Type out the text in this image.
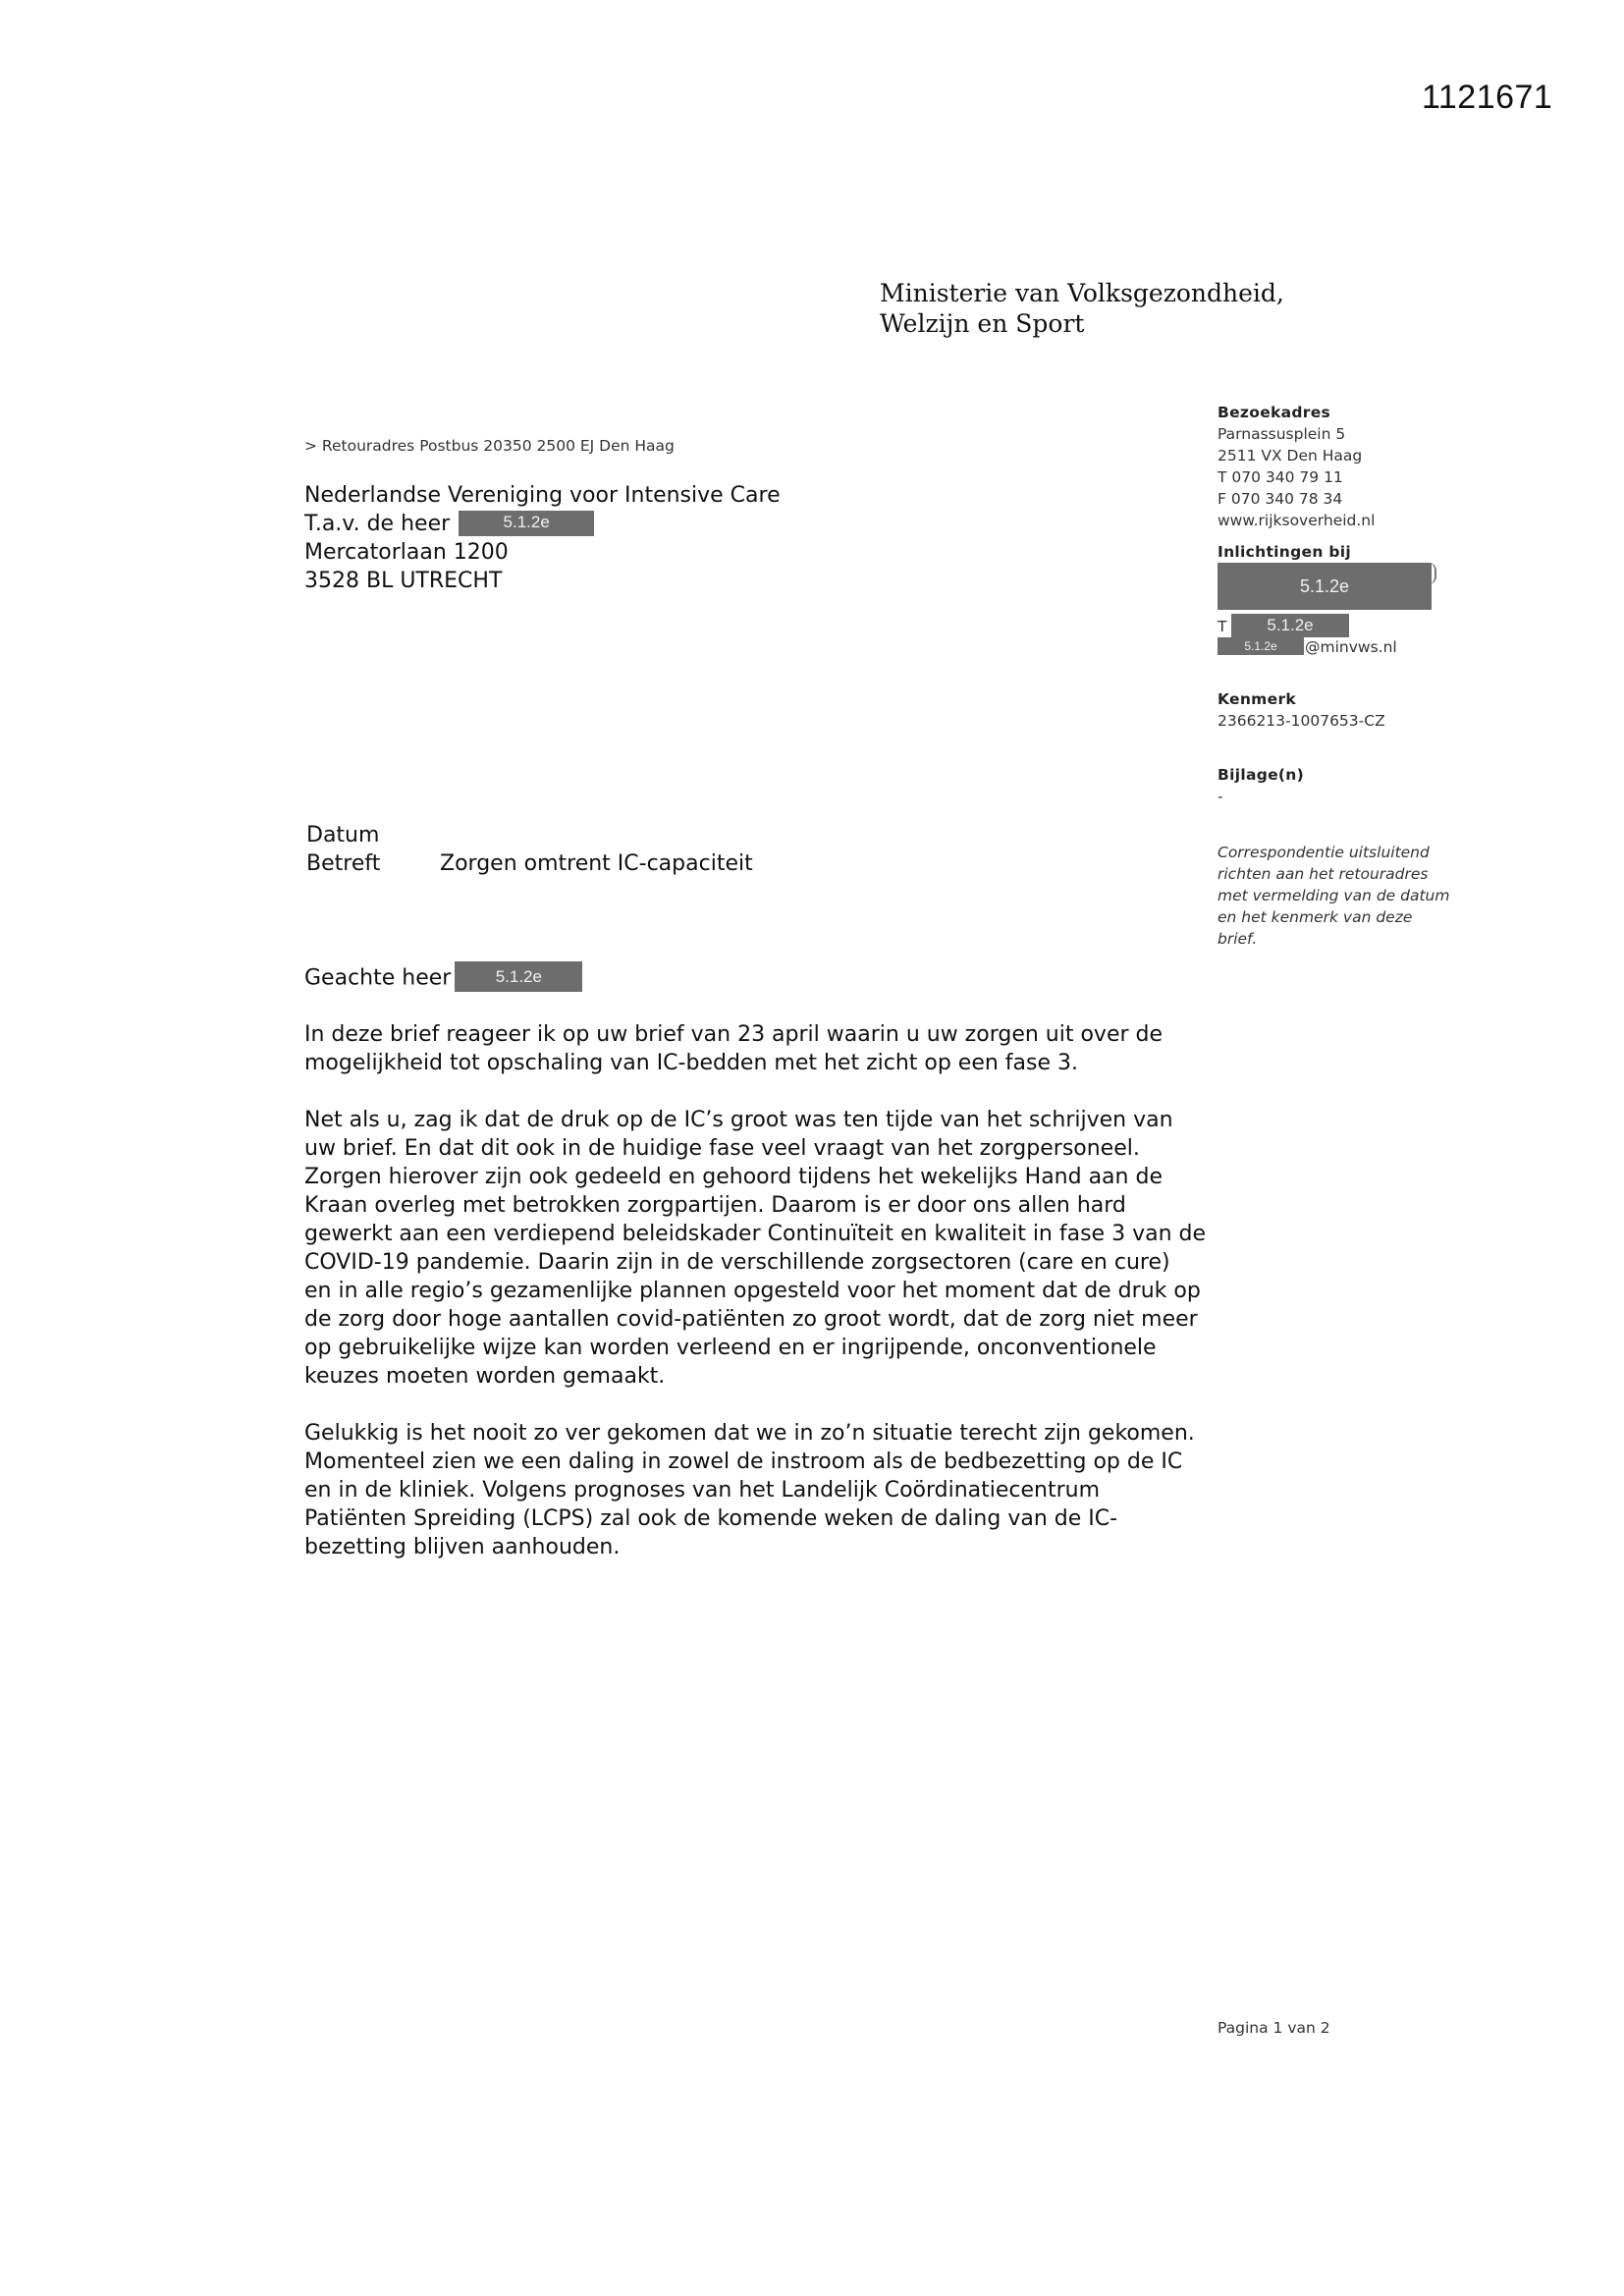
1121671
Ministerie van Volksgezondheid,
Welzijn en Sport
> Retouradres Postbus 20350 2500 EJ Den Haag
Nederlandse Vereniging voor Intensive Care
T.a.v. de heer	5.1.2e
Mercatorlaan 1200
3528 BL UTRECHT
Bezoekadres
Parnassusplein 5
2511 VX Den Haag
T 070 340 79 11
F 070 340 78 34
www.rijksoverheid.nl
Inlichtingen bij
5.1.2e
T	5.1.2e
5.1.2e	@minvws.nl
Kenmerk
2366213-1007653-CZ
Bijlage(n)
-
Correspondentie uitsluitend
richten aan het retouradres
met vermelding van de datum
en het kenmerk van deze
brief.
Datum
Betreft	Zorgen omtrent IC-capaciteit
Geachte heer	5.1.2e
In deze brief reageer ik op uw brief van 23 april waarin u uw zorgen uit over de
mogelijkheid tot opschaling van IC-bedden met het zicht op een fase 3.
Net als u, zag ik dat de druk op de IC’s groot was ten tijde van het schrijven van
uw brief. En dat dit ook in de huidige fase veel vraagt van het zorgpersoneel.
Zorgen hierover zijn ook gedeeld en gehoord tijdens het wekelijks Hand aan de
Kraan overleg met betrokken zorgpartijen. Daarom is er door ons allen hard
gewerkt aan een verdiepend beleidskader Continuïteit en kwaliteit in fase 3 van de
COVID-19 pandemie. Daarin zijn in de verschillende zorgsectoren (care en cure)
en in alle regio’s gezamenlijke plannen opgesteld voor het moment dat de druk op
de zorg door hoge aantallen covid-patiënten zo groot wordt, dat de zorg niet meer
op gebruikelijke wijze kan worden verleend en er ingrijpende, onconventionele
keuzes moeten worden gemaakt.
Gelukkig is het nooit zo ver gekomen dat we in zo’n situatie terecht zijn gekomen.
Momenteel zien we een daling in zowel de instroom als de bedbezetting op de IC
en in de kliniek. Volgens prognoses van het Landelijk Coördinatiecentrum
Patiënten Spreiding (LCPS) zal ook de komende weken de daling van de IC-
bezetting blijven aanhouden.
Pagina 1 van 2
